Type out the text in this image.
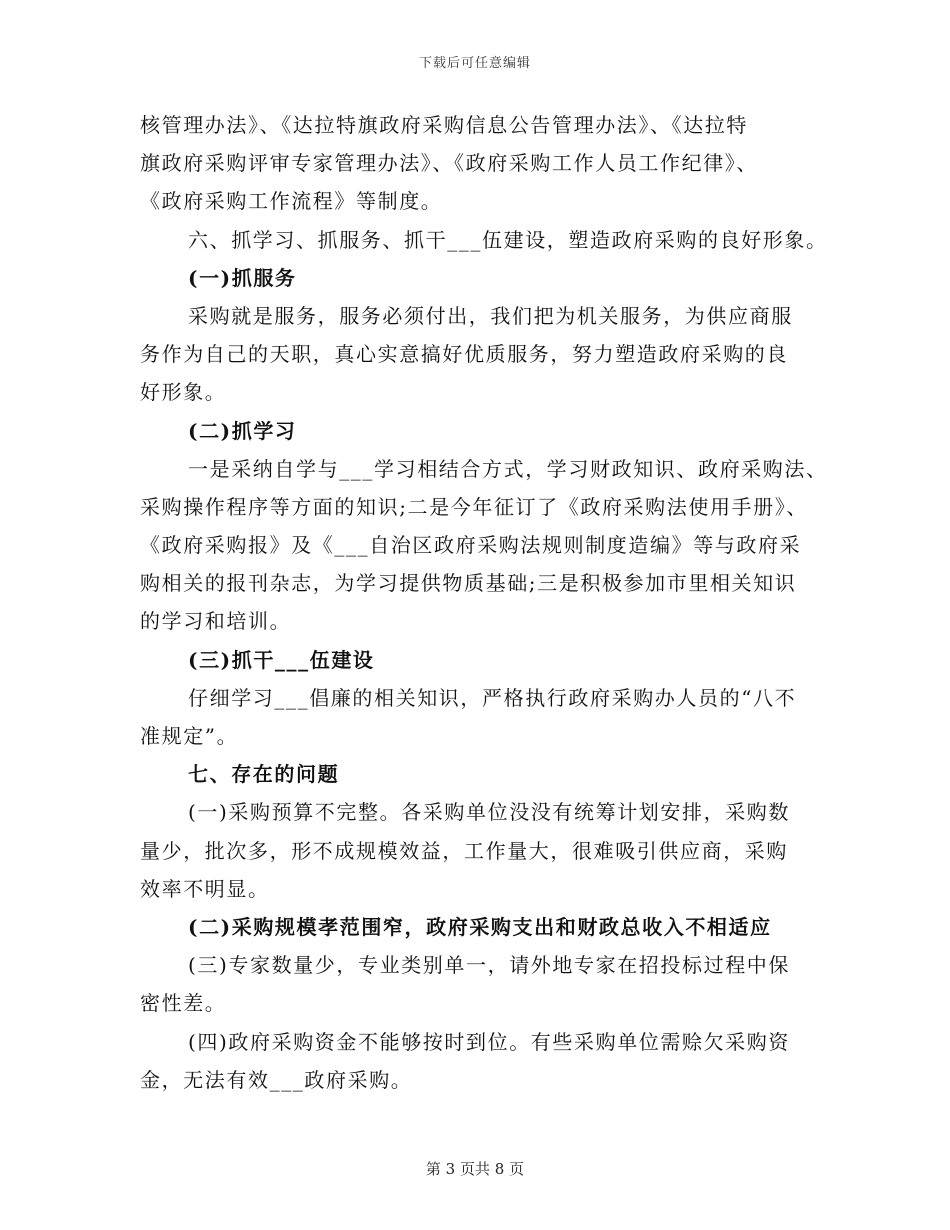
下载后可任意编辑
核管理办法》、《达拉特旗政府采购信息公告管理办法》、《达拉特
旗政府采购评审专家管理办法》、《政府采购工作人员工作纪律》、
《政府采购工作流程》等制度。
六、抓学习、抓服务、抓干___伍建设，塑造政府采购的良好形象。
(一)抓服务
采购就是服务，服务必须付出，我们把为机关服务，为供应商服
务作为自己的天职，真心实意搞好优质服务，努力塑造政府采购的良
好形象。
(二)抓学习
一是采纳自学与___学习相结合方式，学习财政知识、政府采购法、
采购操作程序等方面的知识;二是今年征订了《政府采购法使用手册》、
《政府采购报》及《___自治区政府采购法规则制度造编》等与政府采
购相关的报刊杂志，为学习提供物质基础;三是积极参加市里相关知识
的学习和培训。
(三)抓干___伍建设
仔细学习___倡廉的相关知识，严格执行政府采购办人员的“八不
准规定”。
七、存在的问题
(一)采购预算不完整。各采购单位没没有统筹计划安排，采购数
量少，批次多，形不成规模效益，工作量大，很难吸引供应商，采购
效率不明显。
(二)采购规模孝范围窄，政府采购支出和财政总收入不相适应
(三)专家数量少，专业类别单一，请外地专家在招投标过程中保
密性差。
(四)政府采购资金不能够按时到位。有些采购单位需赊欠采购资
金，无法有效___政府采购。
第 3 页共 8 页
